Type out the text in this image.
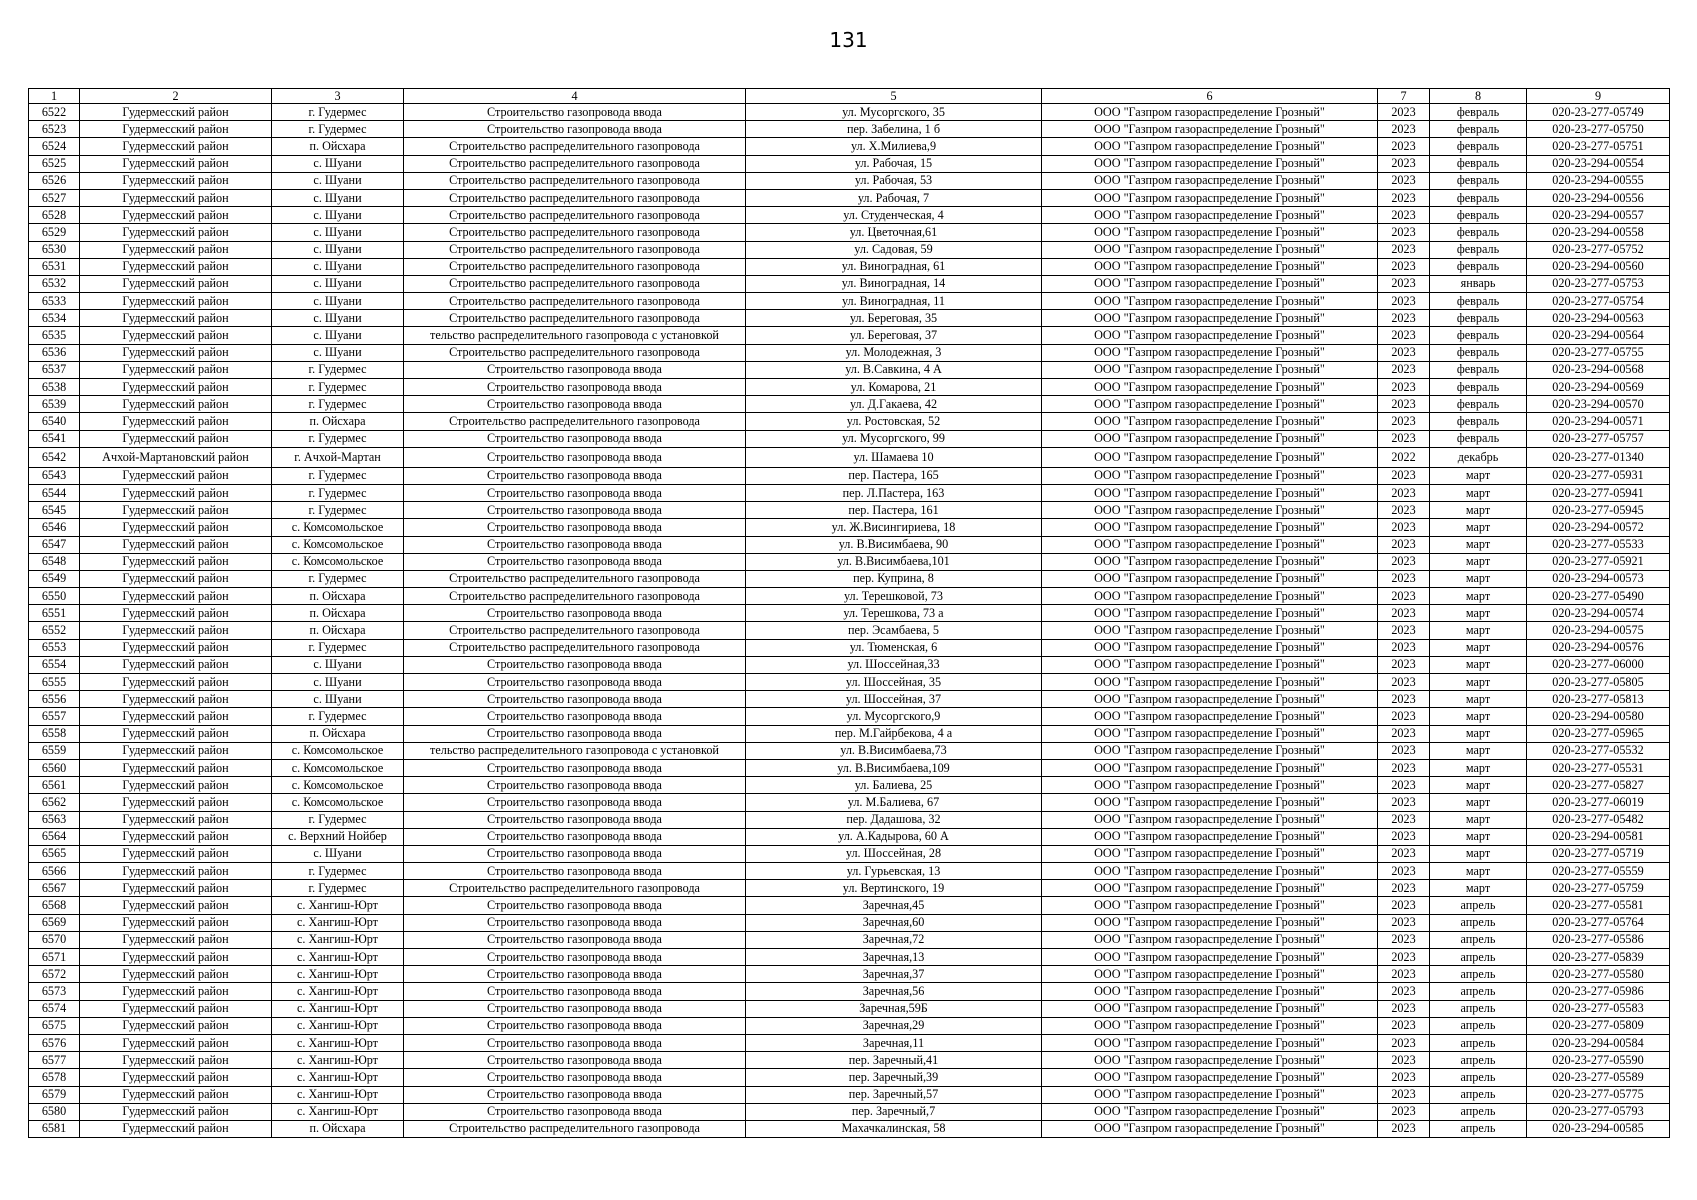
131
1	2	3	4	5	6	7	8	9
6522	Гудермесский район	г. Гудермес	Строительство газопровода ввода	ул. Мусоргского, 35	ООО "Газпром газораспределение Грозный"	2023	февраль	020-23-277-05749
6523	Гудермесский район	г. Гудермес	Строительство газопровода ввода	пер. Забелина, 1 б	ООО "Газпром газораспределение Грозный"	2023	февраль	020-23-277-05750
6524	Гудермесский район	п. Ойсхара	Строительство распределительного газопровода	ул. Х.Милиева,9	ООО "Газпром газораспределение Грозный"	2023	февраль	020-23-277-05751
6525	Гудермесский район	с. Шуани	Строительство распределительного газопровода	ул. Рабочая, 15	ООО "Газпром газораспределение Грозный"	2023	февраль	020-23-294-00554
6526	Гудермесский район	с. Шуани	Строительство распределительного газопровода	ул. Рабочая, 53	ООО "Газпром газораспределение Грозный"	2023	февраль	020-23-294-00555
6527	Гудермесский район	с. Шуани	Строительство распределительного газопровода	ул. Рабочая, 7	ООО "Газпром газораспределение Грозный"	2023	февраль	020-23-294-00556
6528	Гудермесский район	с. Шуани	Строительство распределительного газопровода	ул. Студенческая, 4	ООО "Газпром газораспределение Грозный"	2023	февраль	020-23-294-00557
6529	Гудермесский район	с. Шуани	Строительство распределительного газопровода	ул. Цветочная,61	ООО "Газпром газораспределение Грозный"	2023	февраль	020-23-294-00558
6530	Гудермесский район	с. Шуани	Строительство распределительного газопровода	ул. Садовая, 59	ООО "Газпром газораспределение Грозный"	2023	февраль	020-23-277-05752
6531	Гудермесский район	с. Шуани	Строительство распределительного газопровода	ул. Виноградная, 61	ООО "Газпром газораспределение Грозный"	2023	февраль	020-23-294-00560
6532	Гудермесский район	с. Шуани	Строительство распределительного газопровода	ул. Виноградная, 14	ООО "Газпром газораспределение Грозный"	2023	январь	020-23-277-05753
6533	Гудермесский район	с. Шуани	Строительство распределительного газопровода	ул. Виноградная, 11	ООО "Газпром газораспределение Грозный"	2023	февраль	020-23-277-05754
6534	Гудермесский район	с. Шуани	Строительство распределительного газопровода	ул. Береговая, 35	ООО "Газпром газораспределение Грозный"	2023	февраль	020-23-294-00563
6535	Гудермесский район	с. Шуани	тельство распределительного газопровода с установкой	ул. Береговая, 37	ООО "Газпром газораспределение Грозный"	2023	февраль	020-23-294-00564
6536	Гудермесский район	с. Шуани	Строительство распределительного газопровода	ул. Молодежная, 3	ООО "Газпром газораспределение Грозный"	2023	февраль	020-23-277-05755
6537	Гудермесский район	г. Гудермес	Строительство газопровода ввода	ул. В.Савкина, 4 А	ООО "Газпром газораспределение Грозный"	2023	февраль	020-23-294-00568
6538	Гудермесский район	г. Гудермес	Строительство газопровода ввода	ул. Комарова, 21	ООО "Газпром газораспределение Грозный"	2023	февраль	020-23-294-00569
6539	Гудермесский район	г. Гудермес	Строительство газопровода ввода	ул. Д.Гакаева, 42	ООО "Газпром газораспределение Грозный"	2023	февраль	020-23-294-00570
6540	Гудермесский район	п. Ойсхара	Строительство распределительного газопровода	ул. Ростовская, 52	ООО "Газпром газораспределение Грозный"	2023	февраль	020-23-294-00571
6541	Гудермесский район	г. Гудермес	Строительство газопровода ввода	ул. Мусоргского, 99	ООО "Газпром газораспределение Грозный"	2023	февраль	020-23-277-05757
6542	Ачхой-Мартановский район	г. Ачхой-Мартан	Строительство газопровода ввода	ул. Шамаева 10	ООО "Газпром газораспределение Грозный"	2022	декабрь	020-23-277-01340
6543	Гудермесский район	г. Гудермес	Строительство газопровода ввода	пер. Пастера, 165	ООО "Газпром газораспределение Грозный"	2023	март	020-23-277-05931
6544	Гудермесский район	г. Гудермес	Строительство газопровода ввода	пер. Л.Пастера, 163	ООО "Газпром газораспределение Грозный"	2023	март	020-23-277-05941
6545	Гудермесский район	г. Гудермес	Строительство газопровода ввода	пер. Пастера, 161	ООО "Газпром газораспределение Грозный"	2023	март	020-23-277-05945
6546	Гудермесский район	с. Комсомольское	Строительство газопровода ввода	ул. Ж.Висингириева, 18	ООО "Газпром газораспределение Грозный"	2023	март	020-23-294-00572
6547	Гудермесский район	с. Комсомольское	Строительство газопровода ввода	ул. В.Висимбаева, 90	ООО "Газпром газораспределение Грозный"	2023	март	020-23-277-05533
6548	Гудермесский район	с. Комсомольское	Строительство газопровода ввода	ул. В.Висимбаева,101	ООО "Газпром газораспределение Грозный"	2023	март	020-23-277-05921
6549	Гудермесский район	г. Гудермес	Строительство распределительного газопровода	пер. Куприна, 8	ООО "Газпром газораспределение Грозный"	2023	март	020-23-294-00573
6550	Гудермесский район	п. Ойсхара	Строительство распределительного газопровода	ул. Терешковой, 73	ООО "Газпром газораспределение Грозный"	2023	март	020-23-277-05490
6551	Гудермесский район	п. Ойсхара	Строительство газопровода ввода	ул. Терешкова, 73 а	ООО "Газпром газораспределение Грозный"	2023	март	020-23-294-00574
6552	Гудермесский район	п. Ойсхара	Строительство распределительного газопровода	пер. Эсамбаева, 5	ООО "Газпром газораспределение Грозный"	2023	март	020-23-294-00575
6553	Гудермесский район	г. Гудермес	Строительство распределительного газопровода	ул. Тюменская, 6	ООО "Газпром газораспределение Грозный"	2023	март	020-23-294-00576
6554	Гудермесский район	с. Шуани	Строительство газопровода ввода	ул. Шоссейная,33	ООО "Газпром газораспределение Грозный"	2023	март	020-23-277-06000
6555	Гудермесский район	с. Шуани	Строительство газопровода ввода	ул. Шоссейная, 35	ООО "Газпром газораспределение Грозный"	2023	март	020-23-277-05805
6556	Гудермесский район	с. Шуани	Строительство газопровода ввода	ул. Шоссейная, 37	ООО "Газпром газораспределение Грозный"	2023	март	020-23-277-05813
6557	Гудермесский район	г. Гудермес	Строительство газопровода ввода	ул. Мусоргского,9	ООО "Газпром газораспределение Грозный"	2023	март	020-23-294-00580
6558	Гудермесский район	п. Ойсхара	Строительство газопровода ввода	пер. М.Гайрбекова, 4 а	ООО "Газпром газораспределение Грозный"	2023	март	020-23-277-05965
6559	Гудермесский район	с. Комсомольское	тельство распределительного газопровода с установкой	ул. В.Висимбаева,73	ООО "Газпром газораспределение Грозный"	2023	март	020-23-277-05532
6560	Гудермесский район	с. Комсомольское	Строительство газопровода ввода	ул. В.Висимбаева,109	ООО "Газпром газораспределение Грозный"	2023	март	020-23-277-05531
6561	Гудермесский район	с. Комсомольское	Строительство газопровода ввода	ул. Балиева, 25	ООО "Газпром газораспределение Грозный"	2023	март	020-23-277-05827
6562	Гудермесский район	с. Комсомольское	Строительство газопровода ввода	ул. М.Балиева, 67	ООО "Газпром газораспределение Грозный"	2023	март	020-23-277-06019
6563	Гудермесский район	г. Гудермес	Строительство газопровода ввода	пер. Дадашова, 32	ООО "Газпром газораспределение Грозный"	2023	март	020-23-277-05482
6564	Гудермесский район	с. Верхний Нойбер	Строительство газопровода ввода	ул. А.Кадырова, 60 А	ООО "Газпром газораспределение Грозный"	2023	март	020-23-294-00581
6565	Гудермесский район	с. Шуани	Строительство газопровода ввода	ул. Шоссейная, 28	ООО "Газпром газораспределение Грозный"	2023	март	020-23-277-05719
6566	Гудермесский район	г. Гудермес	Строительство газопровода ввода	ул. Гурьевская, 13	ООО "Газпром газораспределение Грозный"	2023	март	020-23-277-05559
6567	Гудермесский район	г. Гудермес	Строительство распределительного газопровода	ул. Вертинского, 19	ООО "Газпром газораспределение Грозный"	2023	март	020-23-277-05759
6568	Гудермесский район	с. Хангиш-Юрт	Строительство газопровода ввода	Заречная,45	ООО "Газпром газораспределение Грозный"	2023	апрель	020-23-277-05581
6569	Гудермесский район	с. Хангиш-Юрт	Строительство газопровода ввода	Заречная,60	ООО "Газпром газораспределение Грозный"	2023	апрель	020-23-277-05764
6570	Гудермесский район	с. Хангиш-Юрт	Строительство газопровода ввода	Заречная,72	ООО "Газпром газораспределение Грозный"	2023	апрель	020-23-277-05586
6571	Гудермесский район	с. Хангиш-Юрт	Строительство газопровода ввода	Заречная,13	ООО "Газпром газораспределение Грозный"	2023	апрель	020-23-277-05839
6572	Гудермесский район	с. Хангиш-Юрт	Строительство газопровода ввода	Заречная,37	ООО "Газпром газораспределение Грозный"	2023	апрель	020-23-277-05580
6573	Гудермесский район	с. Хангиш-Юрт	Строительство газопровода ввода	Заречная,56	ООО "Газпром газораспределение Грозный"	2023	апрель	020-23-277-05986
6574	Гудермесский район	с. Хангиш-Юрт	Строительство газопровода ввода	Заречная,59Б	ООО "Газпром газораспределение Грозный"	2023	апрель	020-23-277-05583
6575	Гудермесский район	с. Хангиш-Юрт	Строительство газопровода ввода	Заречная,29	ООО "Газпром газораспределение Грозный"	2023	апрель	020-23-277-05809
6576	Гудермесский район	с. Хангиш-Юрт	Строительство газопровода ввода	Заречная,11	ООО "Газпром газораспределение Грозный"	2023	апрель	020-23-294-00584
6577	Гудермесский район	с. Хангиш-Юрт	Строительство газопровода ввода	пер. Заречный,41	ООО "Газпром газораспределение Грозный"	2023	апрель	020-23-277-05590
6578	Гудермесский район	с. Хангиш-Юрт	Строительство газопровода ввода	пер. Заречный,39	ООО "Газпром газораспределение Грозный"	2023	апрель	020-23-277-05589
6579	Гудермесский район	с. Хангиш-Юрт	Строительство газопровода ввода	пер. Заречный,57	ООО "Газпром газораспределение Грозный"	2023	апрель	020-23-277-05775
6580	Гудермесский район	с. Хангиш-Юрт	Строительство газопровода ввода	пер. Заречный,7	ООО "Газпром газораспределение Грозный"	2023	апрель	020-23-277-05793
6581	Гудермесский район	п. Ойсхара	Строительство распределительного газопровода	Махачкалинская, 58	ООО "Газпром газораспределение Грозный"	2023	апрель	020-23-294-00585
